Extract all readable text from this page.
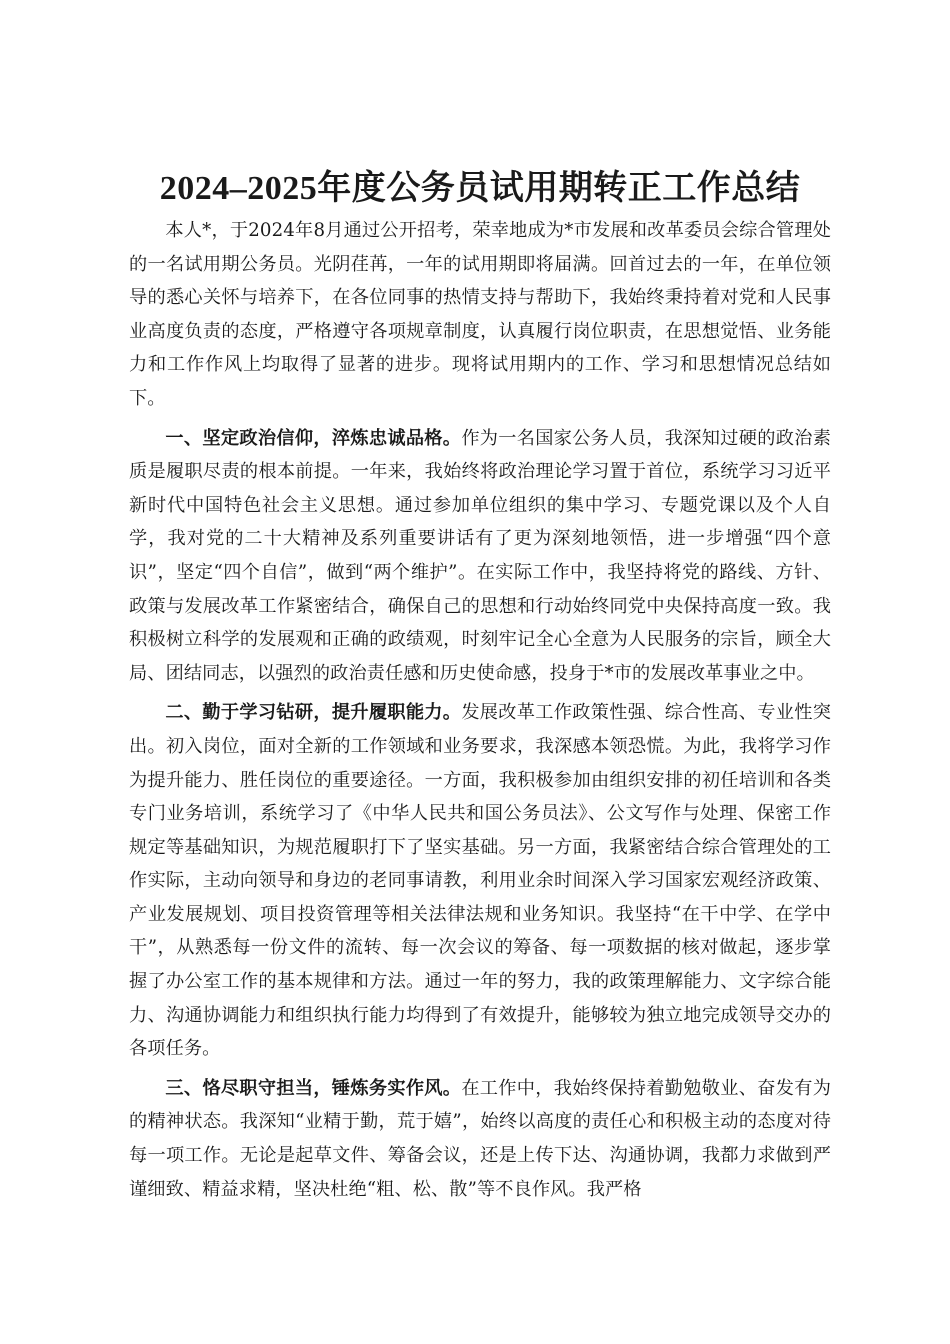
2024–2025年度公务员试用期转正工作总结

本人*，于2024年8月通过公开招考，荣幸地成为*市发展和改革委员会综合管理处的一名试用期公务员。光阴荏苒，一年的试用期即将届满。回首过去的一年，在单位领导的悉心关怀与培养下，在各位同事的热情支持与帮助下，我始终秉持着对党和人民事业高度负责的态度，严格遵守各项规章制度，认真履行岗位职责，在思想觉悟、业务能力和工作作风上均取得了显著的进步。现将试用期内的工作、学习和思想情况总结如下。

一、坚定政治信仰，淬炼忠诚品格。作为一名国家公务人员，我深知过硬的政治素质是履职尽责的根本前提。一年来，我始终将政治理论学习置于首位，系统学习习近平新时代中国特色社会主义思想。通过参加单位组织的集中学习、专题党课以及个人自学，我对党的二十大精神及系列重要讲话有了更为深刻地领悟，进一步增强“四个意识”，坚定“四个自信”，做到“两个维护”。在实际工作中，我坚持将党的路线、方针、政策与发展改革工作紧密结合，确保自己的思想和行动始终同党中央保持高度一致。我积极树立科学的发展观和正确的政绩观，时刻牢记全心全意为人民服务的宗旨，顾全大局、团结同志，以强烈的政治责任感和历史使命感，投身于*市的发展改革事业之中。

二、勤于学习钻研，提升履职能力。发展改革工作政策性强、综合性高、专业性突出。初入岗位，面对全新的工作领域和业务要求，我深感本领恐慌。为此，我将学习作为提升能力、胜任岗位的重要途径。一方面，我积极参加由组织安排的初任培训和各类专门业务培训，系统学习了《中华人民共和国公务员法》、公文写作与处理、保密工作规定等基础知识，为规范履职打下了坚实基础。另一方面，我紧密结合综合管理处的工作实际，主动向领导和身边的老同事请教，利用业余时间深入学习国家宏观经济政策、产业发展规划、项目投资管理等相关法律法规和业务知识。我坚持“在干中学、在学中干”，从熟悉每一份文件的流转、每一次会议的筹备、每一项数据的核对做起，逐步掌握了办公室工作的基本规律和方法。通过一年的努力，我的政策理解能力、文字综合能力、沟通协调能力和组织执行能力均得到了有效提升，能够较为独立地完成领导交办的各项任务。

三、恪尽职守担当，锤炼务实作风。在工作中，我始终保持着勤勉敬业、奋发有为的精神状态。我深知“业精于勤，荒于嬉”，始终以高度的责任心和积极主动的态度对待每一项工作。无论是起草文件、筹备会议，还是上传下达、沟通协调，我都力求做到严谨细致、精益求精，坚决杜绝“粗、松、散”等不良作风。我严格
